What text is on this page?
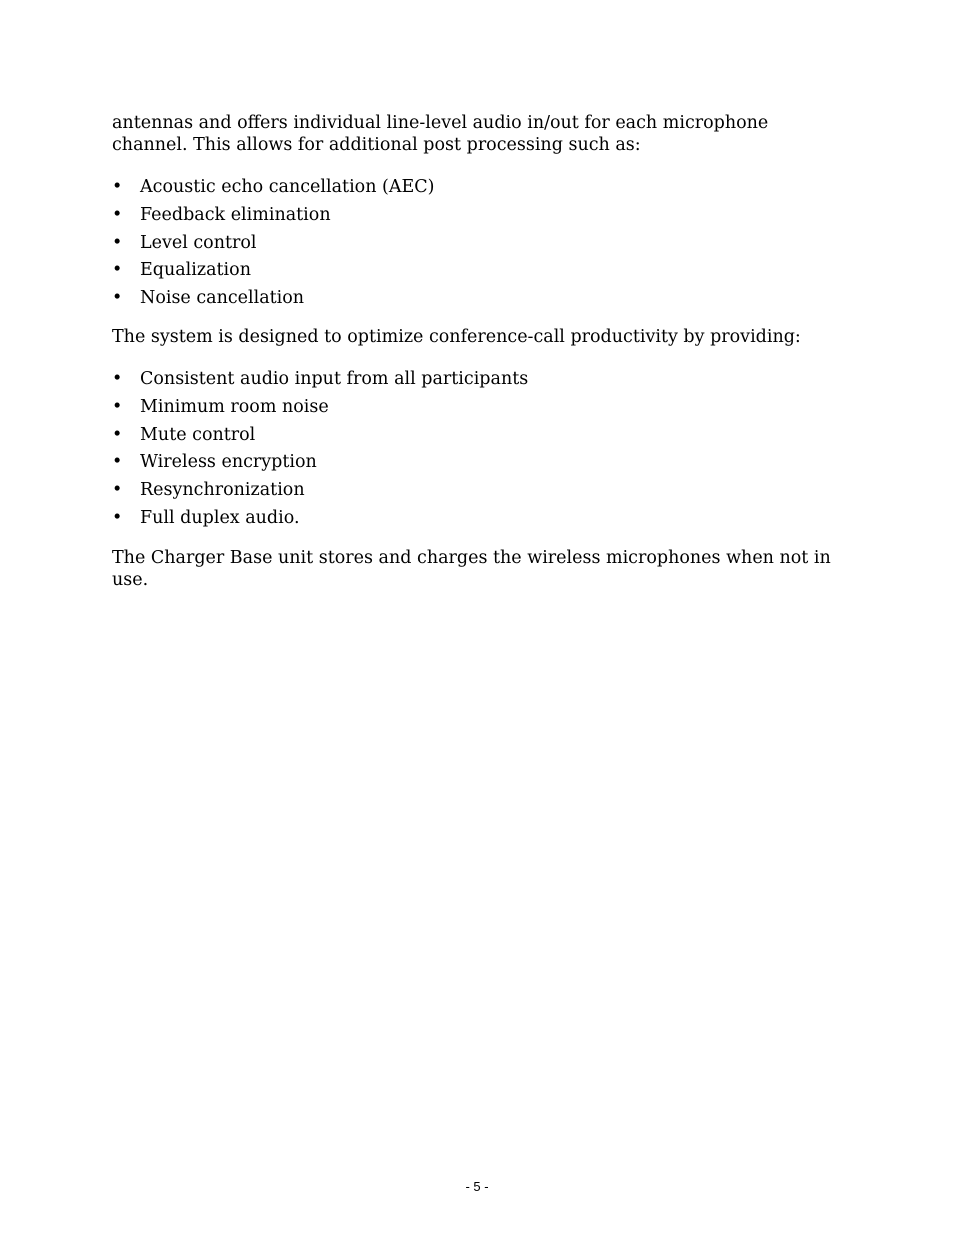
antennas and offers individual line-level audio in/out for each microphone channel. This allows for additional post processing such as:

• Acoustic echo cancellation (AEC)
• Feedback elimination
• Level control
• Equalization
• Noise cancellation

The system is designed to optimize conference-call productivity by providing:

• Consistent audio input from all participants
• Minimum room noise
• Mute control
• Wireless encryption
• Resynchronization
• Full duplex audio.

The Charger Base unit stores and charges the wireless microphones when not in use.

- 5 -
